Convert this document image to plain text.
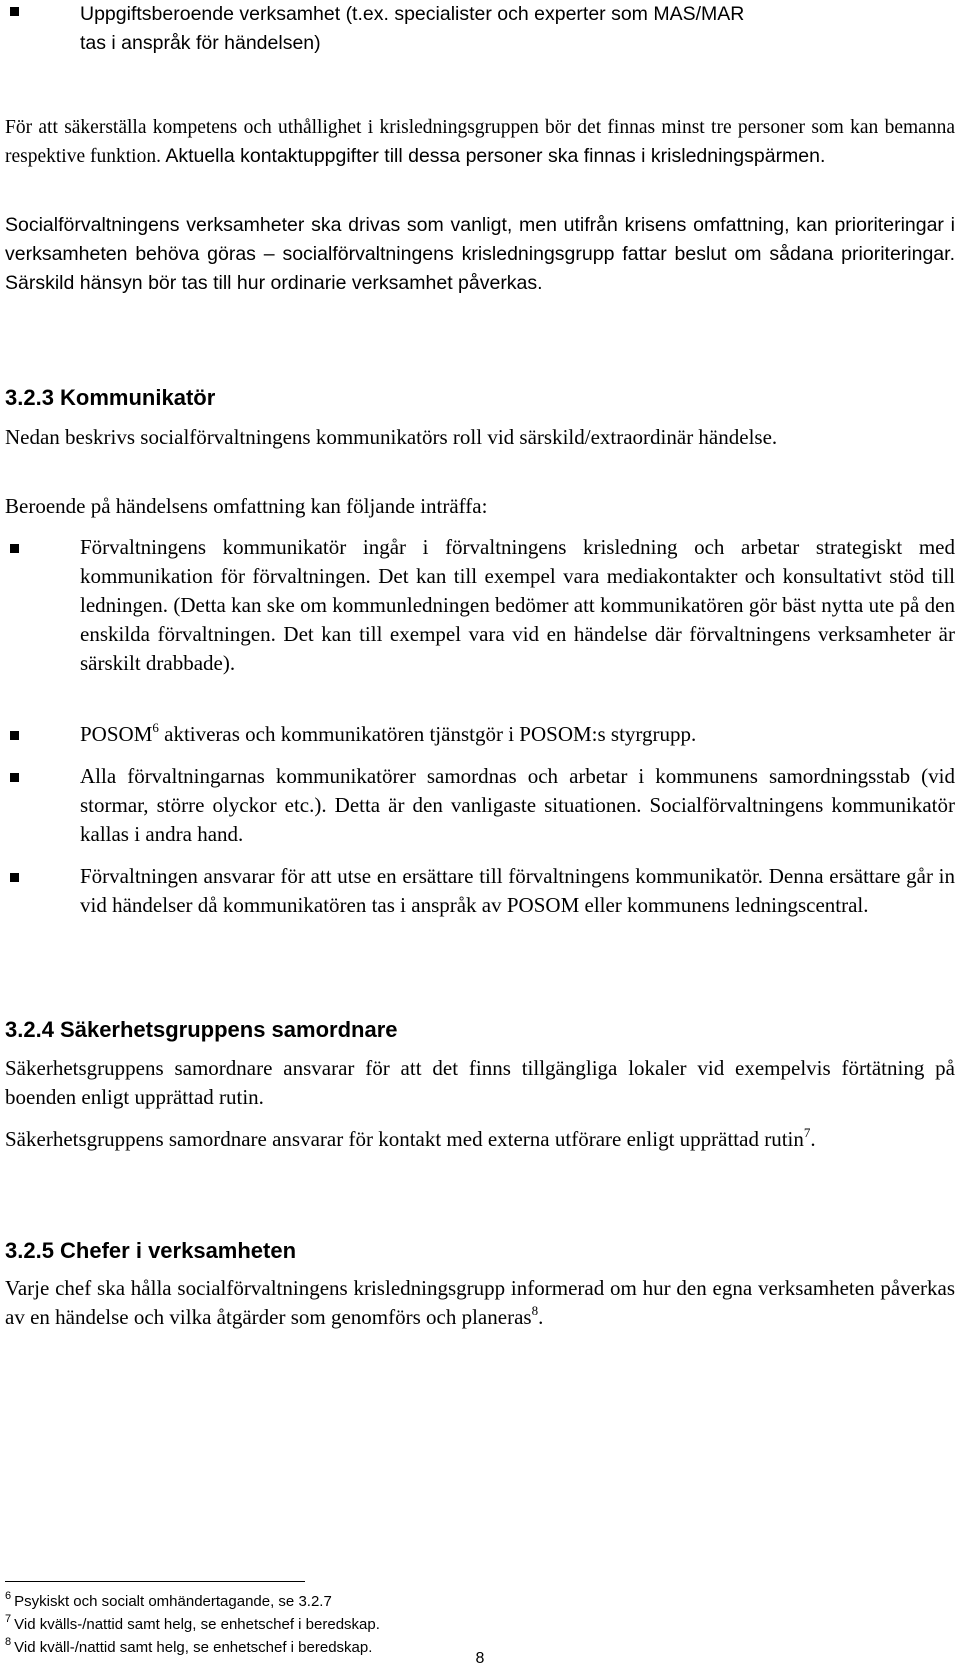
Uppgiftsberoende verksamhet (t.ex. specialister och experter som MAS/MAR
tas i anspråk för händelsen)

För att säkerställa kompetens och uthållighet i krisledningsgruppen bör det finnas minst tre personer som kan bemanna respektive funktion. Aktuella kontaktuppgifter till dessa personer ska finnas i krisledningspärmen.

Socialförvaltningens verksamheter ska drivas som vanligt, men utifrån krisens omfattning, kan prioriteringar i verksamheten behöva göras – socialförvaltningens krisledningsgrupp fattar beslut om sådana prioriteringar. Särskild hänsyn bör tas till hur ordinarie verksamhet påverkas.

3.2.3 Kommunikatör

Nedan beskrivs socialförvaltningens kommunikatörs roll vid särskild/extraordinär händelse.

Beroende på händelsens omfattning kan följande inträffa:

Förvaltningens kommunikatör ingår i förvaltningens krisledning och arbetar strategiskt med kommunikation för förvaltningen. Det kan till exempel vara mediakontakter och konsultativt stöd till ledningen. (Detta kan ske om kommunledningen bedömer att kommunikatören gör bäst nytta ute på den enskilda förvaltningen. Det kan till exempel vara vid en händelse där förvaltningens verksamheter är särskilt drabbade).

POSOM$^6$ aktiveras och kommunikatören tjänstgör i POSOM:s styrgrupp.

Alla förvaltningarnas kommunikatörer samordnas och arbetar i kommunens samordningsstab (vid stormar, större olyckor etc.). Detta är den vanligaste situationen. Socialförvaltningens kommunikatör kallas i andra hand.

Förvaltningen ansvarar för att utse en ersättare till förvaltningens kommunikatör. Denna ersättare går in vid händelser då kommunikatören tas i anspråk av POSOM eller kommunens ledningscentral.

3.2.4 Säkerhetsgruppens samordnare

Säkerhetsgruppens samordnare ansvarar för att det finns tillgängliga lokaler vid exempelvis förtätning på boenden enligt upprättad rutin.

Säkerhetsgruppens samordnare ansvarar för kontakt med externa utförare enligt upprättad rutin$^7$.

3.2.5 Chefer i verksamheten

Varje chef ska hålla socialförvaltningens krisledningsgrupp informerad om hur den egna verksamheten påverkas av en händelse och vilka åtgärder som genomförs och planeras$^8$.

$^6$ Psykiskt och socialt omhändertagande, se 3.2.7

$^7$ Vid kvälls-/nattid samt helg, se enhetschef i beredskap.

$^8$ Vid kväll-/nattid samt helg, se enhetschef i beredskap.

8
